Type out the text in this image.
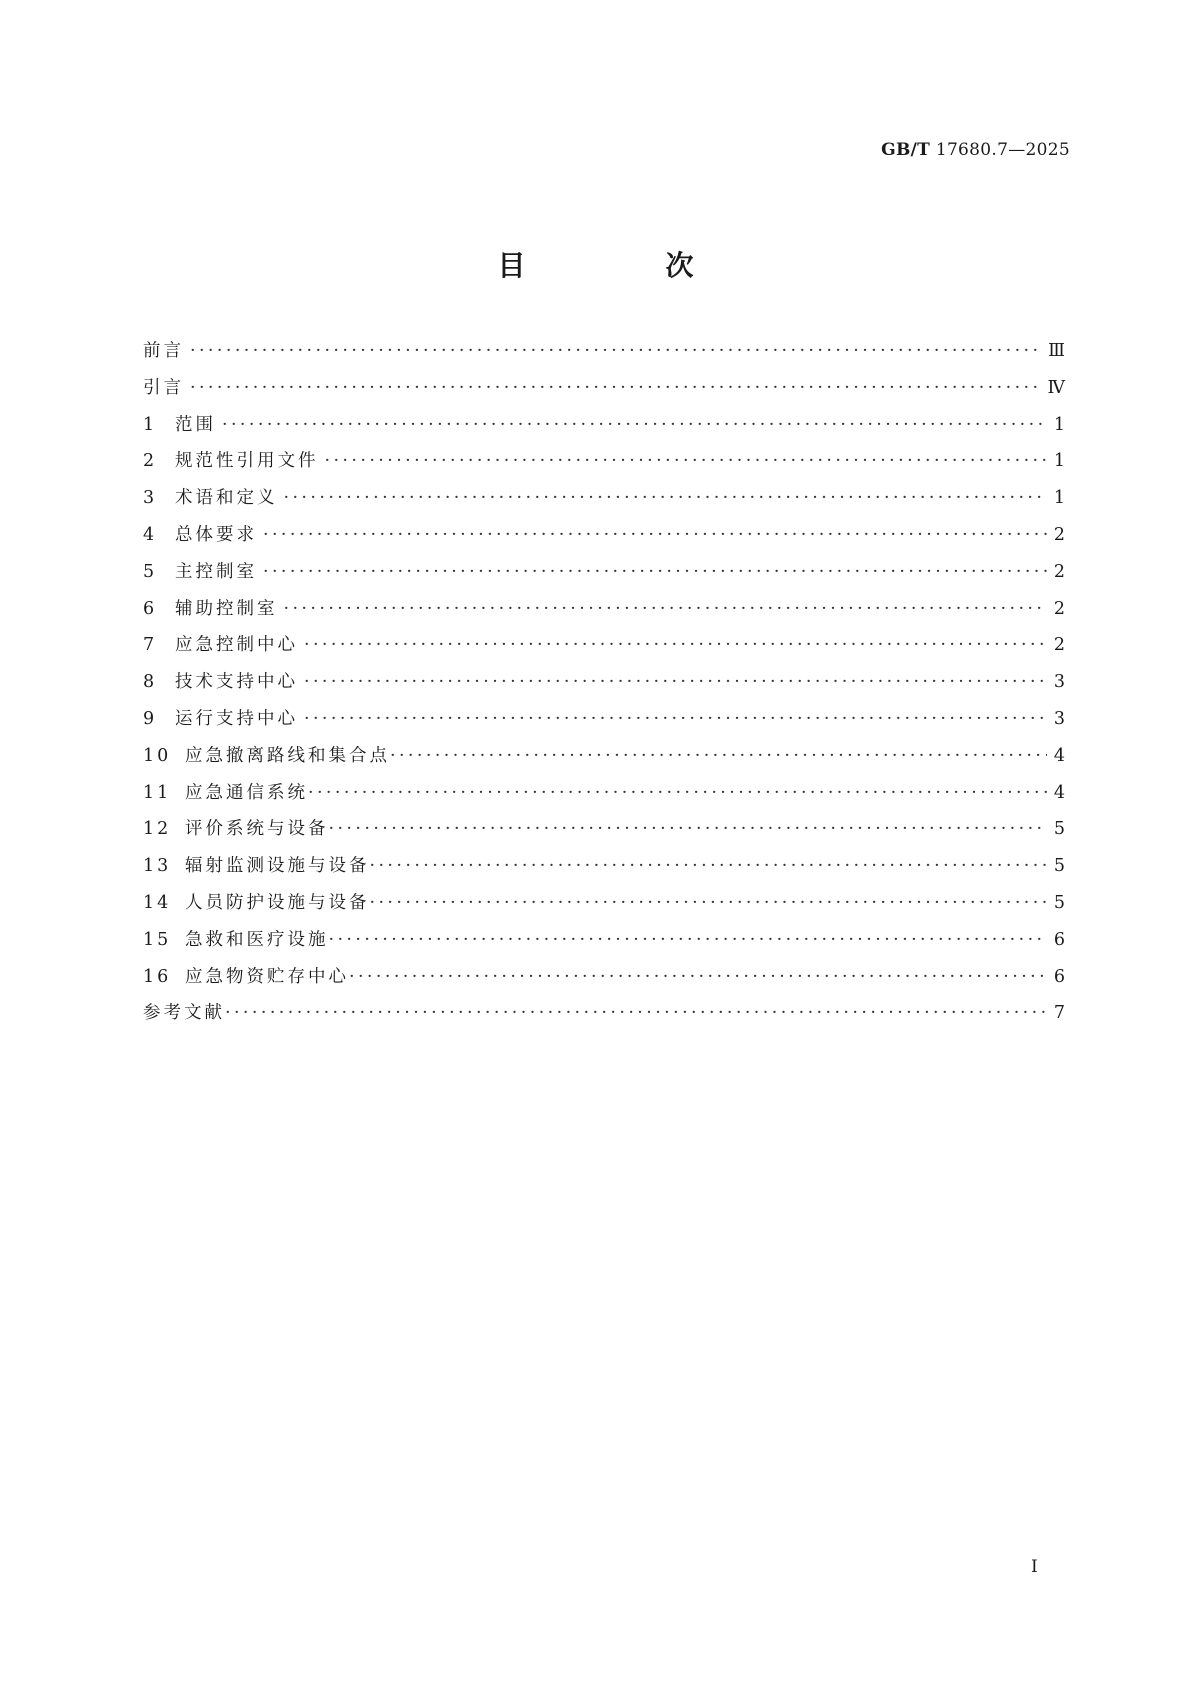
GB/T 17680.7—2025
目　次
前言 ·····	Ⅲ
引言 ·····	Ⅳ
1	范围 ·····	1
2	规范性引用文件 ·····	1
3	术语和定义 ·····	1
4	总体要求 ·····	2
5	主控制室 ·····	2
6	辅助控制室 ·····	2
7	应急控制中心 ·····	2
8	技术支持中心 ·····	3
9	运行支持中心 ·····	3
10 应急撤离路线和集合点 ·····	4
11 应急通信系统 ·····	4
12 评价系统与设备 ·····	5
13 辐射监测设施与设备 ·····	5
14 人员防护设施与设备 ·····	5
15 急救和医疗设施 ·····	6
16 应急物资贮存中心 ·····	6
参考文献 ·····	7
Ⅰ
